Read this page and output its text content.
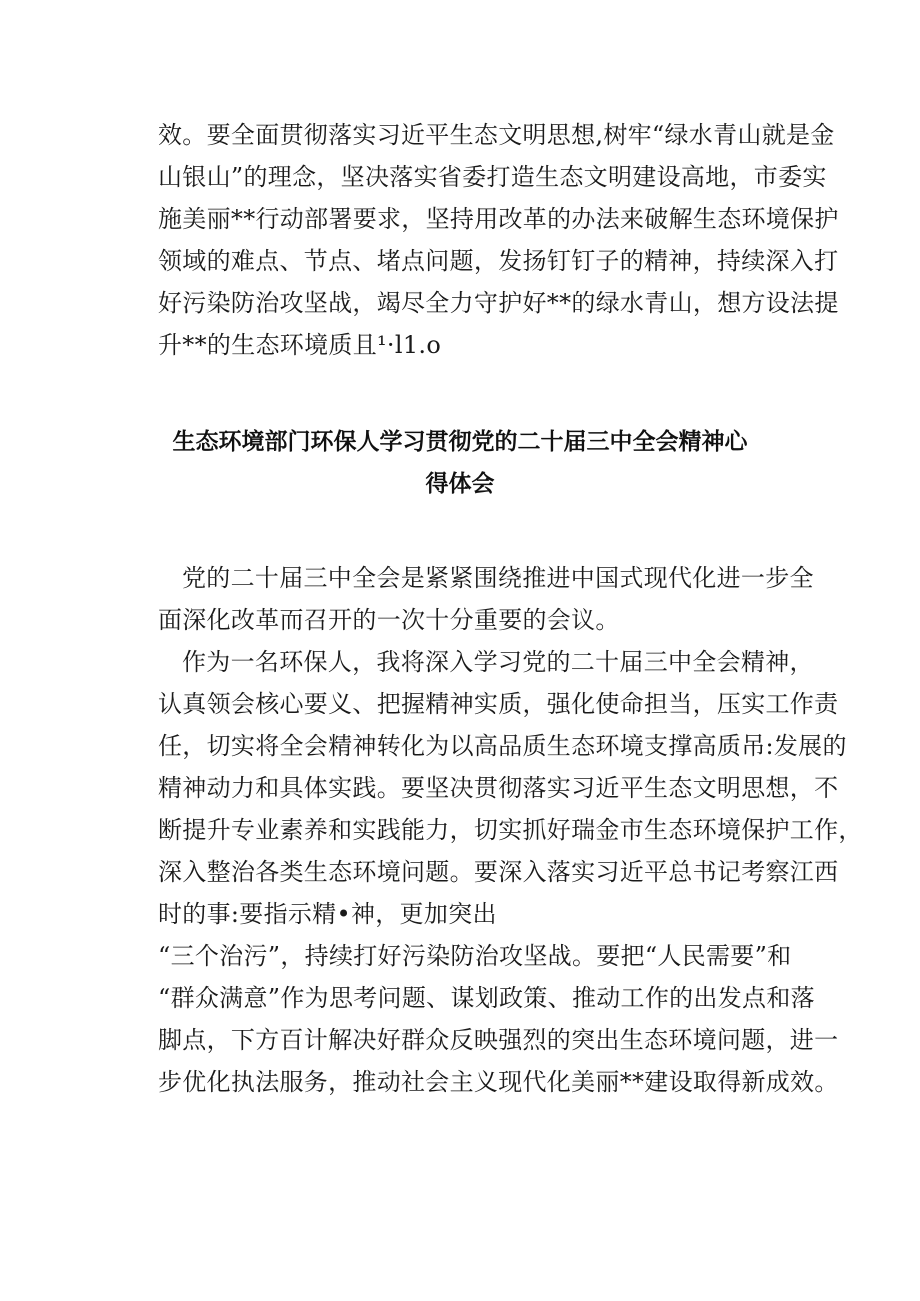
效。要全面贯彻落实习近平生态文明思想,树牢“绿水青山就是金
山银山”的理念，坚决落实省委打造生态文明建设高地，市委实
施美丽**行动部署要求，坚持用改革的办法来破解生态环境保护
领域的难点、节点、堵点问题，发扬钉钉子的精神，持续深入打
好污染防治攻坚战，竭尽全力守护好**的绿水青山，想方设法提
升**的生态环境质且¹·l1.o
生态环境部门环保人学习贯彻党的二十届三中全会精神心
得体会
党的二十届三中全会是紧紧围绕推进中国式现代化进一步全
面深化改革而召开的一次十分重要的会议。
作为一名环保人，我将深入学习党的二十届三中全会精神，
认真领会核心要义、把握精神实质，强化使命担当，压实工作责
任，切实将全会精神转化为以高品质生态环境支撑高质吊:发展的
精神动力和具体实践。要坚决贯彻落实习近平生态文明思想，不
断提升专业素养和实践能力，切实抓好瑞金市生态环境保护工作，
深入整治各类生态环境问题。要深入落实习近平总书记考察江西
时的事:要指示精•神，更加突出
“三个治污”，持续打好污染防治攻坚战。要把“人民需要”和
“群众满意”作为思考问题、谋划政策、推动工作的出发点和落
脚点，下方百计解决好群众反映强烈的突出生态环境问题，进一
步优化执法服务，推动社会主义现代化美丽**建设取得新成效。
